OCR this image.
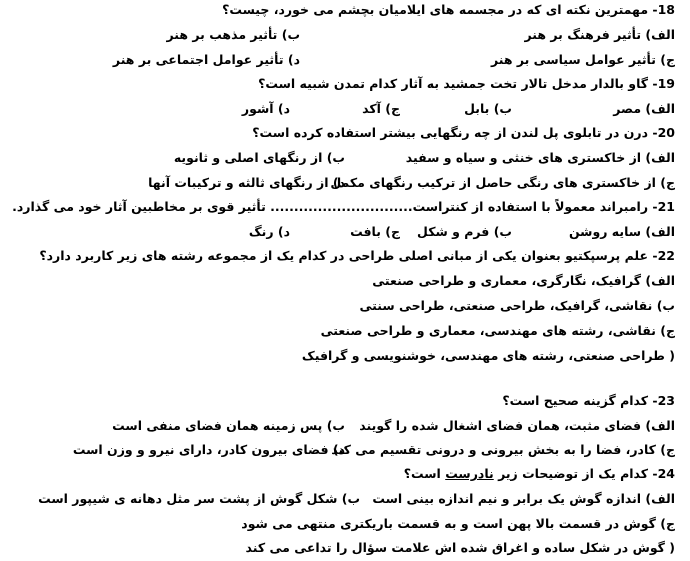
18- مهمترین نکته ای که در مجسمه های ایلامیان بچشم می خورد، چیست؟
الف) تأثیر فرهنگ بر هنر
ب) تأثیر مذهب بر هنر
ج) تأثیر عوامل سیاسی بر هنر
د) تأثیر عوامل اجتماعی بر هنر
19- گاو بالدار مدخل تالار تخت جمشید به آثار کدام تمدن شبیه است؟
الف) مصر
ب) بابل
ج) آکد
د) آشور
20- درن در تابلوی پل لندن از چه رنگهایی بیشتر استفاده کرده است؟
الف) از خاکستری های خنثی و سیاه و سفید
ب) از رنگهای اصلی و ثانویه
ج) از خاکستری های رنگی حاصل از ترکیب رنگهای مکمل
د) از رنگهای ثالثه و ترکیبات آنها
21- رامبراند معمولاً با استفاده از کنتراست.............................. تأثیر قوی بر مخاطبین آثار خود می گذارد.
الف) سایه روشن
ب) فرم و شکل
ج) بافت
د) رنگ
22- علم پرسپکتیو بعنوان یکی از مبانی اصلی طراحی در کدام یک از مجموعه رشته های زیر کاربرد دارد؟
الف) گرافیک، نگارگری، معماری و طراحی صنعتی
ب) نقاشی، گرافیک، طراحی صنعتی، طراحی سنتی
ج) نقاشی، رشته های مهندسی، معماری و طراحی صنعتی
( طراحی صنعتی، رشته های مهندسی، خوشنویسی و گرافیک
23- کدام گزینه صحیح است؟
الف) فضای مثبت، همان فضای اشغال شده را گویند
ب) پس زمینه همان فضای منفی است
ج) کادر، فضا را به بخش بیرونی و درونی تقسیم می کند
د) فضای بیرون کادر، دارای نیرو و وزن است
24- کدام یک از توضیحات زیر نادرست است؟
الف) اندازه گوش یک برابر و نیم اندازه بینی است
ب) شکل گوش از پشت سر مثل دهانه ی شیپور است
ج) گوش در قسمت بالا پهن است و به قسمت باریکتری منتهی می شود
( گوش در شکل ساده و اغراق شده اش علامت سؤال را تداعی می کند
